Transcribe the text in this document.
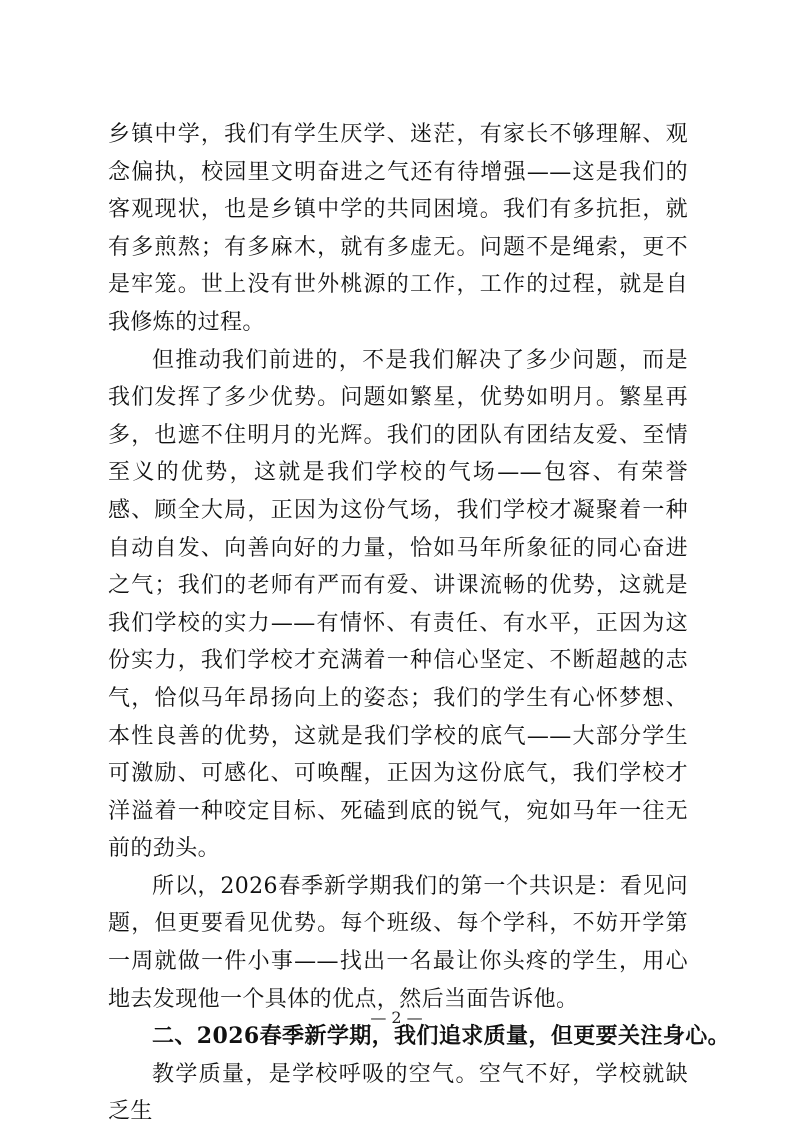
乡镇中学，我们有学生厌学、迷茫，有家长不够理解、观念偏执，校园里文明奋进之气还有待增强——这是我们的客观现状，也是乡镇中学的共同困境。我们有多抗拒，就有多煎熬；有多麻木，就有多虚无。问题不是绳索，更不是牢笼。世上没有世外桃源的工作，工作的过程，就是自我修炼的过程。

但推动我们前进的，不是我们解决了多少问题，而是我们发挥了多少优势。问题如繁星，优势如明月。繁星再多，也遮不住明月的光辉。我们的团队有团结友爱、至情至义的优势，这就是我们学校的气场——包容、有荣誉感、顾全大局，正因为这份气场，我们学校才凝聚着一种自动自发、向善向好的力量，恰如马年所象征的同心奋进之气；我们的老师有严而有爱、讲课流畅的优势，这就是我们学校的实力——有情怀、有责任、有水平，正因为这份实力，我们学校才充满着一种信心坚定、不断超越的志气，恰似马年昂扬向上的姿态；我们的学生有心怀梦想、本性良善的优势，这就是我们学校的底气——大部分学生可激励、可感化、可唤醒，正因为这份底气，我们学校才洋溢着一种咬定目标、死磕到底的锐气，宛如马年一往无前的劲头。

所以，2026春季新学期我们的第一个共识是：看见问题，但更要看见优势。每个班级、每个学科，不妨开学第一周就做一件小事——找出一名最让你头疼的学生，用心地去发现他一个具体的优点，然后当面告诉他。

二、2026春季新学期，我们追求质量，但更要关注身心。

教学质量，是学校呼吸的空气。空气不好，学校就缺乏生

— 2 —
